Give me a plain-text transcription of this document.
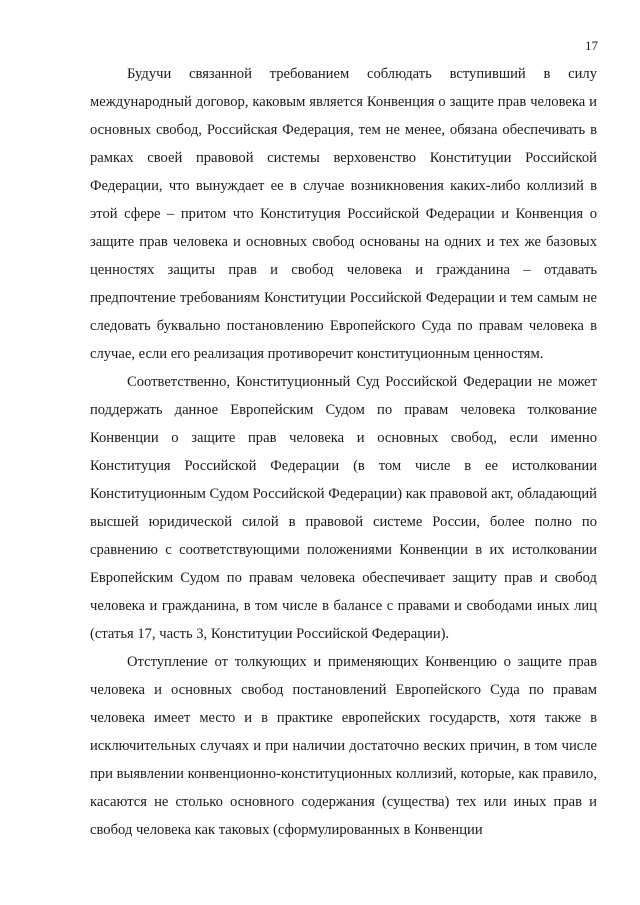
17

Будучи связанной требованием соблюдать вступивший в силу международный договор, каковым является Конвенция о защите прав человека и основных свобод, Российская Федерация, тем не менее, обязана обеспечивать в рамках своей правовой системы верховенство Конституции Российской Федерации, что вынуждает ее в случае возникновения каких-либо коллизий в этой сфере – притом что Конституция Российской Федерации и Конвенция о защите прав человека и основных свобод основаны на одних и тех же базовых ценностях защиты прав и свобод человека и гражданина – отдавать предпочтение требованиям Конституции Российской Федерации и тем самым не следовать буквально постановлению Европейского Суда по правам человека в случае, если его реализация противоречит конституционным ценностям.

Соответственно, Конституционный Суд Российской Федерации не может поддержать данное Европейским Судом по правам человека толкование Конвенции о защите прав человека и основных свобод, если именно Конституция Российской Федерации (в том числе в ее истолковании Конституционным Судом Российской Федерации) как правовой акт, обладающий высшей юридической силой в правовой системе России, более полно по сравнению с соответствующими положениями Конвенции в их истолковании Европейским Судом по правам человека обеспечивает защиту прав и свобод человека и гражданина, в том числе в балансе с правами и свободами иных лиц (статья 17, часть 3, Конституции Российской Федерации).

Отступление от толкующих и применяющих Конвенцию о защите прав человека и основных свобод постановлений Европейского Суда по правам человека имеет место и в практике европейских государств, хотя также в исключительных случаях и при наличии достаточно веских причин, в том числе при выявлении конвенционно-конституционных коллизий, которые, как правило, касаются не столько основного содержания (существа) тех или иных прав и свобод человека как таковых (сформулированных в Конвенции
